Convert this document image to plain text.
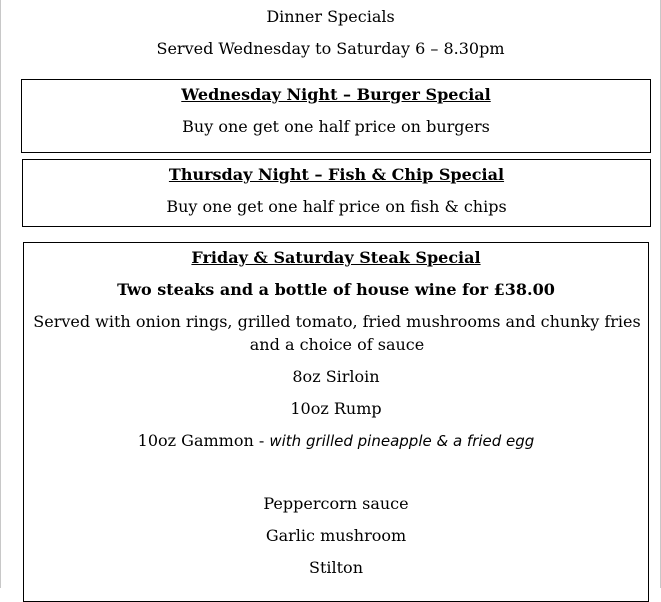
Dinner Specials
Served Wednesday to Saturday 6 – 8.30pm
Wednesday Night – Burger Special
Buy one get one half price on burgers
Thursday Night – Fish & Chip Special
Buy one get one half price on fish & chips
Friday & Saturday Steak Special
Two steaks and a bottle of house wine for £38.00
Served with onion rings, grilled tomato, fried mushrooms and chunky fries and a choice of sauce
8oz Sirloin
10oz Rump
10oz Gammon - with grilled pineapple & a fried egg
Peppercorn sauce
Garlic mushroom
Stilton
